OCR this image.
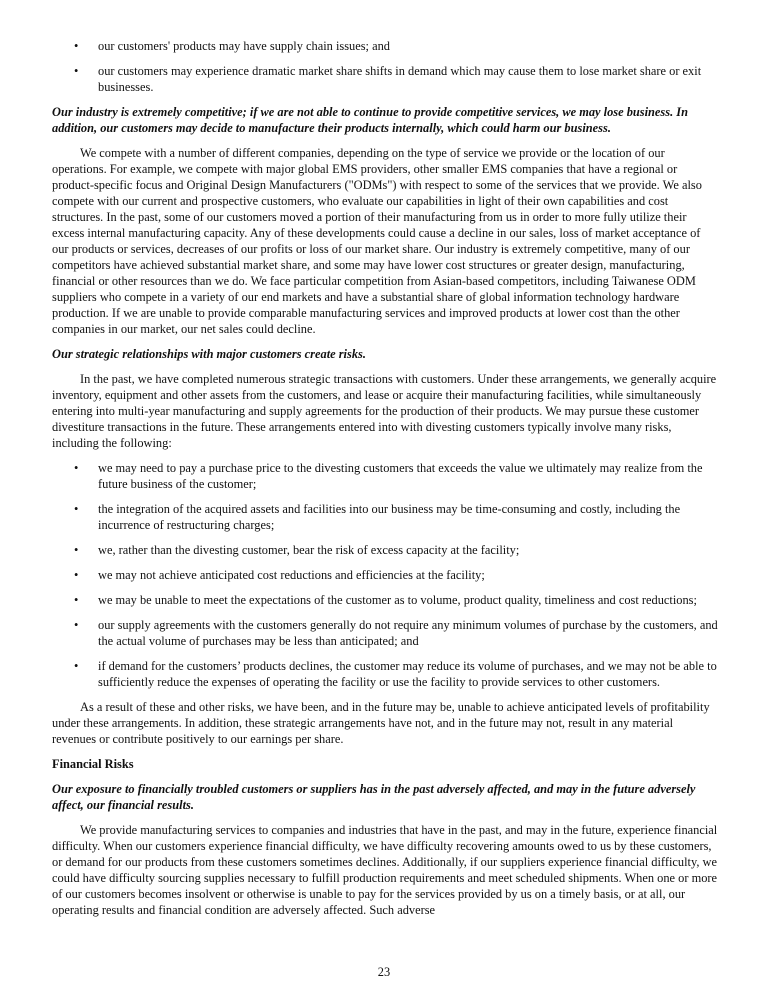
• our customers' products may have supply chain issues; and
• our customers may experience dramatic market share shifts in demand which may cause them to lose market share or exit businesses.

Our industry is extremely competitive; if we are not able to continue to provide competitive services, we may lose business. In addition, our customers may decide to manufacture their products internally, which could harm our business.

We compete with a number of different companies, depending on the type of service we provide or the location of our operations. For example, we compete with major global EMS providers, other smaller EMS companies that have a regional or product-specific focus and Original Design Manufacturers ("ODMs") with respect to some of the services that we provide. We also compete with our current and prospective customers, who evaluate our capabilities in light of their own capabilities and cost structures. In the past, some of our customers moved a portion of their manufacturing from us in order to more fully utilize their excess internal manufacturing capacity. Any of these developments could cause a decline in our sales, loss of market acceptance of our products or services, decreases of our profits or loss of our market share. Our industry is extremely competitive, many of our competitors have achieved substantial market share, and some may have lower cost structures or greater design, manufacturing, financial or other resources than we do. We face particular competition from Asian-based competitors, including Taiwanese ODM suppliers who compete in a variety of our end markets and have a substantial share of global information technology hardware production. If we are unable to provide comparable manufacturing services and improved products at lower cost than the other companies in our market, our net sales could decline.

Our strategic relationships with major customers create risks.

In the past, we have completed numerous strategic transactions with customers. Under these arrangements, we generally acquire inventory, equipment and other assets from the customers, and lease or acquire their manufacturing facilities, while simultaneously entering into multi-year manufacturing and supply agreements for the production of their products. We may pursue these customer divestiture transactions in the future. These arrangements entered into with divesting customers typically involve many risks, including the following:

• we may need to pay a purchase price to the divesting customers that exceeds the value we ultimately may realize from the future business of the customer;
• the integration of the acquired assets and facilities into our business may be time-consuming and costly, including the incurrence of restructuring charges;
• we, rather than the divesting customer, bear the risk of excess capacity at the facility;
• we may not achieve anticipated cost reductions and efficiencies at the facility;
• we may be unable to meet the expectations of the customer as to volume, product quality, timeliness and cost reductions;
• our supply agreements with the customers generally do not require any minimum volumes of purchase by the customers, and the actual volume of purchases may be less than anticipated; and
• if demand for the customers’ products declines, the customer may reduce its volume of purchases, and we may not be able to sufficiently reduce the expenses of operating the facility or use the facility to provide services to other customers.

As a result of these and other risks, we have been, and in the future may be, unable to achieve anticipated levels of profitability under these arrangements. In addition, these strategic arrangements have not, and in the future may not, result in any material revenues or contribute positively to our earnings per share.

Financial Risks

Our exposure to financially troubled customers or suppliers has in the past adversely affected, and may in the future adversely affect, our financial results.

We provide manufacturing services to companies and industries that have in the past, and may in the future, experience financial difficulty. When our customers experience financial difficulty, we have difficulty recovering amounts owed to us by these customers, or demand for our products from these customers sometimes declines. Additionally, if our suppliers experience financial difficulty, we could have difficulty sourcing supplies necessary to fulfill production requirements and meet scheduled shipments. When one or more of our customers becomes insolvent or otherwise is unable to pay for the services provided by us on a timely basis, or at all, our operating results and financial condition are adversely affected. Such adverse

23
